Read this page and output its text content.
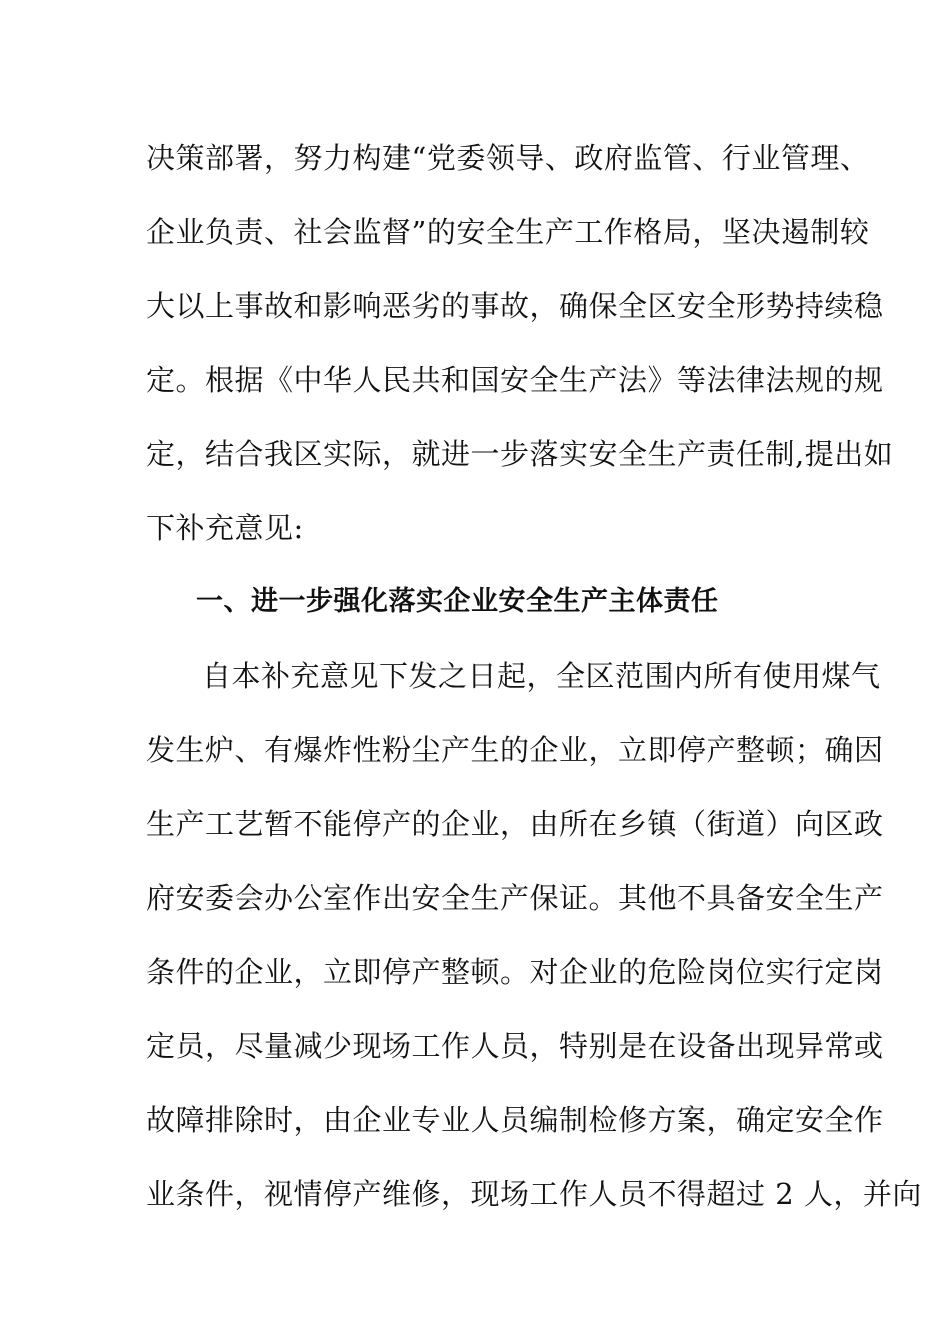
决策部署，努力构建“党委领导、政府监管、行业管理、
企业负责、社会监督”的安全生产工作格局，坚决遏制较
大以上事故和影响恶劣的事故，确保全区安全形势持续稳
定。根据《中华人民共和国安全生产法》等法律法规的规
定，结合我区实际，就进一步落实安全生产责任制,提出如
下补充意见:
一、进一步强化落实企业安全生产主体责任
自本补充意见下发之日起，全区范围内所有使用煤气
发生炉、有爆炸性粉尘产生的企业，立即停产整顿；确因
生产工艺暂不能停产的企业，由所在乡镇（街道）向区政
府安委会办公室作出安全生产保证。其他不具备安全生产
条件的企业，立即停产整顿。对企业的危险岗位实行定岗
定员，尽量减少现场工作人员，特别是在设备出现异常或
故障排除时，由企业专业人员编制检修方案，确定安全作
业条件，视情停产维修，现场工作人员不得超过 2 人，并向
